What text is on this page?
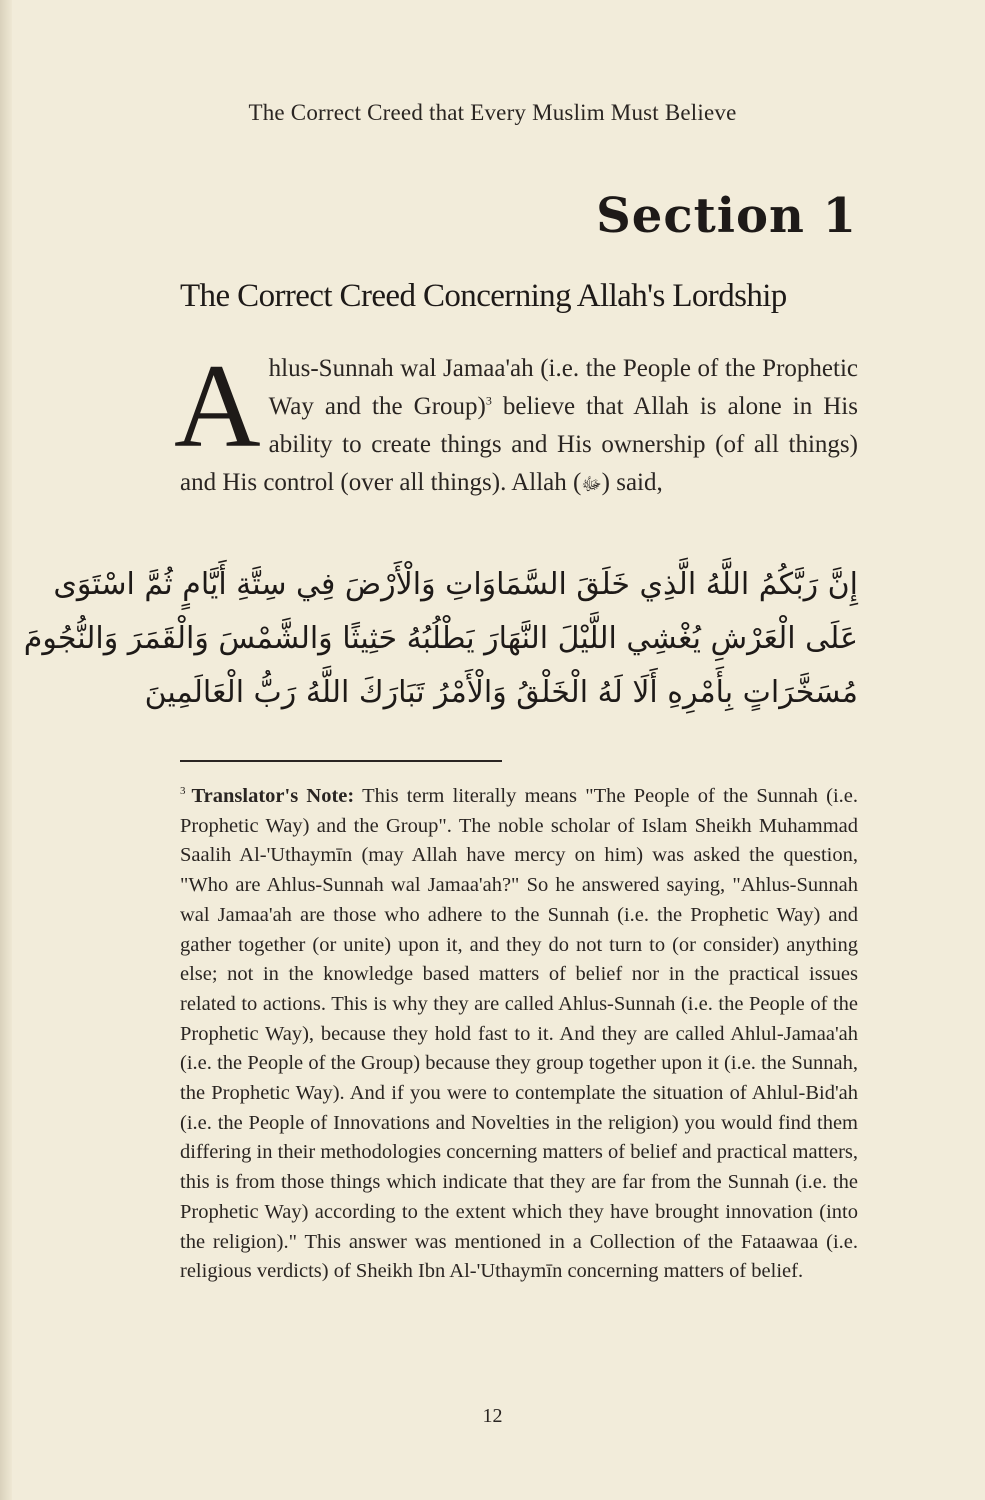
The Correct Creed that Every Muslim Must Believe
Section 1
The Correct Creed Concerning Allah's Lordship
Ahlus-Sunnah wal Jamaa'ah (i.e. the People of the Prophetic Way and the Group)$^3$ believe that Allah is alone in His ability to create things and His ownership (of all things) and His control (over all things). Allah (ﷻ) said,
إِنَّ رَبَّكُمُ اللَّهُ الَّذِي خَلَقَ السَّمَاوَاتِ وَالْأَرْضَ فِي سِتَّةِ أَيَّامٍ ثُمَّ اسْتَوَى
عَلَى الْعَرْشِ يُغْشِي اللَّيْلَ النَّهَارَ يَطْلُبُهُ حَثِيثًا وَالشَّمْسَ وَالْقَمَرَ وَالنُّجُومَ
مُسَخَّرَاتٍ بِأَمْرِهِ أَلَا لَهُ الْخَلْقُ وَالْأَمْرُ تَبَارَكَ اللَّهُ رَبُّ الْعَالَمِينَ
$^3$ Translator's Note: This term literally means "The People of the Sunnah (i.e. Prophetic Way) and the Group". The noble scholar of Islam Sheikh Muhammad Saalih Al-'Uthaymīn (may Allah have mercy on him) was asked the question, "Who are Ahlus-Sunnah wal Jamaa'ah?" So he answered saying, "Ahlus-Sunnah wal Jamaa'ah are those who adhere to the Sunnah (i.e. the Prophetic Way) and gather together (or unite) upon it, and they do not turn to (or consider) anything else; not in the knowledge based matters of belief nor in the practical issues related to actions. This is why they are called Ahlus-Sunnah (i.e. the People of the Prophetic Way), because they hold fast to it. And they are called Ahlul-Jamaa'ah (i.e. the People of the Group) because they group together upon it (i.e. the Sunnah, the Prophetic Way). And if you were to contemplate the situation of Ahlul-Bid'ah (i.e. the People of Innovations and Novelties in the religion) you would find them differing in their methodologies concerning matters of belief and practical matters, this is from those things which indicate that they are far from the Sunnah (i.e. the Prophetic Way) according to the extent which they have brought innovation (into the religion)." This answer was mentioned in a Collection of the Fataawaa (i.e. religious verdicts) of Sheikh Ibn Al-'Uthaymīn concerning matters of belief.
12
